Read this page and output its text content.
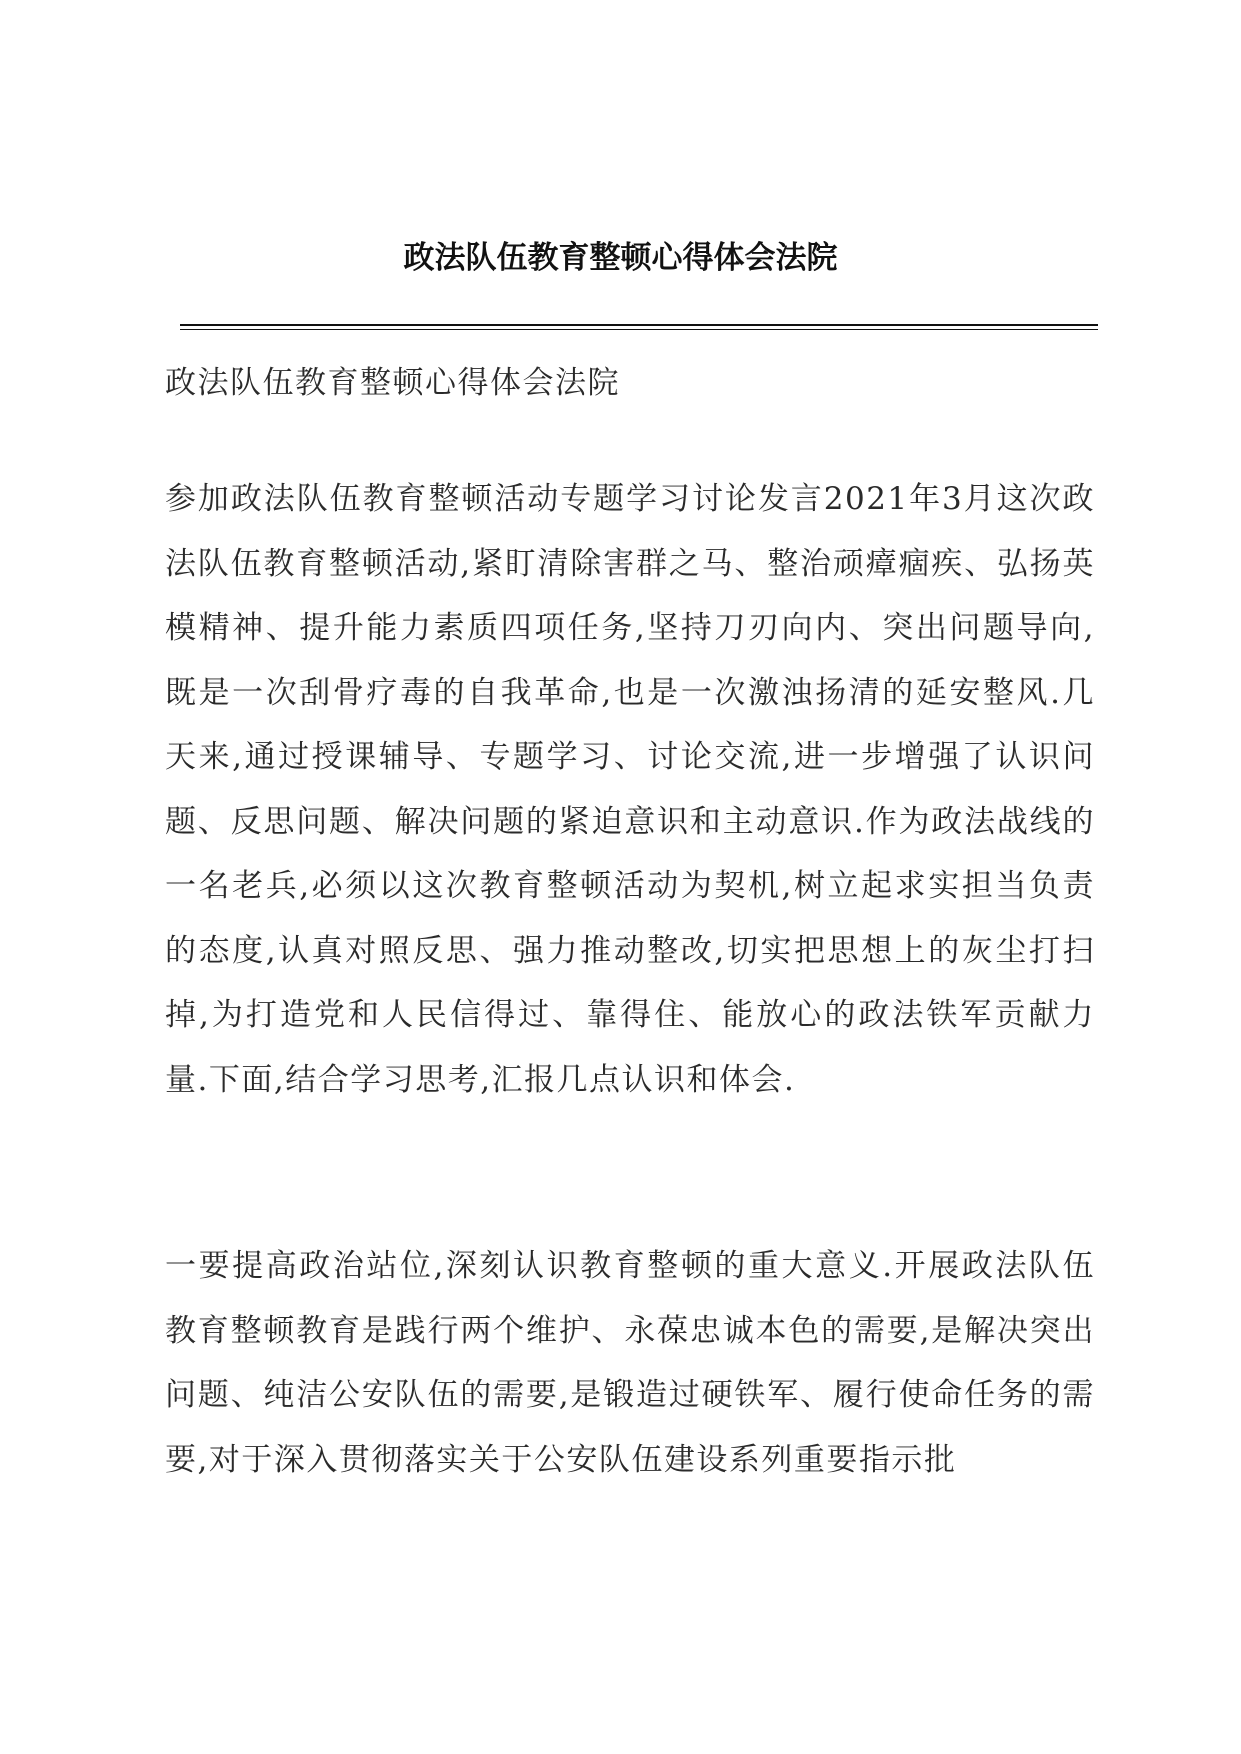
政法队伍教育整顿心得体会法院

政法队伍教育整顿心得体会法院

参加政法队伍教育整顿活动专题学习讨论发言2021年3月这次政法队伍教育整顿活动,紧盯清除害群之马、整治顽瘴痼疾、弘扬英模精神、提升能力素质四项任务,坚持刀刃向内、突出问题导向,既是一次刮骨疗毒的自我革命,也是一次激浊扬清的延安整风.几天来,通过授课辅导、专题学习、讨论交流,进一步增强了认识问题、反思问题、解决问题的紧迫意识和主动意识.作为政法战线的一名老兵,必须以这次教育整顿活动为契机,树立起求实担当负责的态度,认真对照反思、强力推动整改,切实把思想上的灰尘打扫掉,为打造党和人民信得过、靠得住、能放心的政法铁军贡献力量.下面,结合学习思考,汇报几点认识和体会.

一要提高政治站位,深刻认识教育整顿的重大意义.开展政法队伍教育整顿教育是践行两个维护、永葆忠诚本色的需要,是解决突出问题、纯洁公安队伍的需要,是锻造过硬铁军、履行使命任务的需要,对于深入贯彻落实关于公安队伍建设系列重要指示批
